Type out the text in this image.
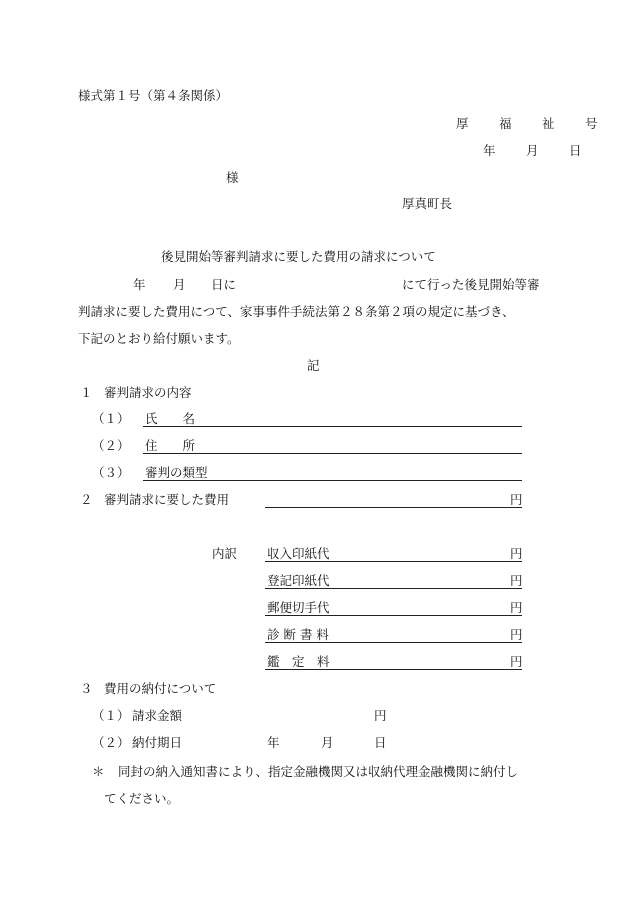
様式第１号（第４条関係）
厚　福　祉　号
年　月　日
様
厚真町長
後見開始等審判請求に要した費用の請求について
年 月 日に	にて行った後見開始等審
判請求に要した費用につて、家事事件手続法第２８条第２項の規定に基づき、
下記のとおり給付願います。
記
１ 審判請求の内容
（１） 氏　　名
（２） 住　　所
（３） 審判の類型
２ 審判請求に要した費用	円
内訳 収入印紙代	円
登記印紙代	円
郵便切手代	円
診 断 書 料	円
鑑　定　料	円
３ 費用の納付について
（１） 請求金額	円
（２） 納付期日	年	月	日
＊ 同封の納入通知書により、指定金融機関又は収納代理金融機関に納付し
てください。
